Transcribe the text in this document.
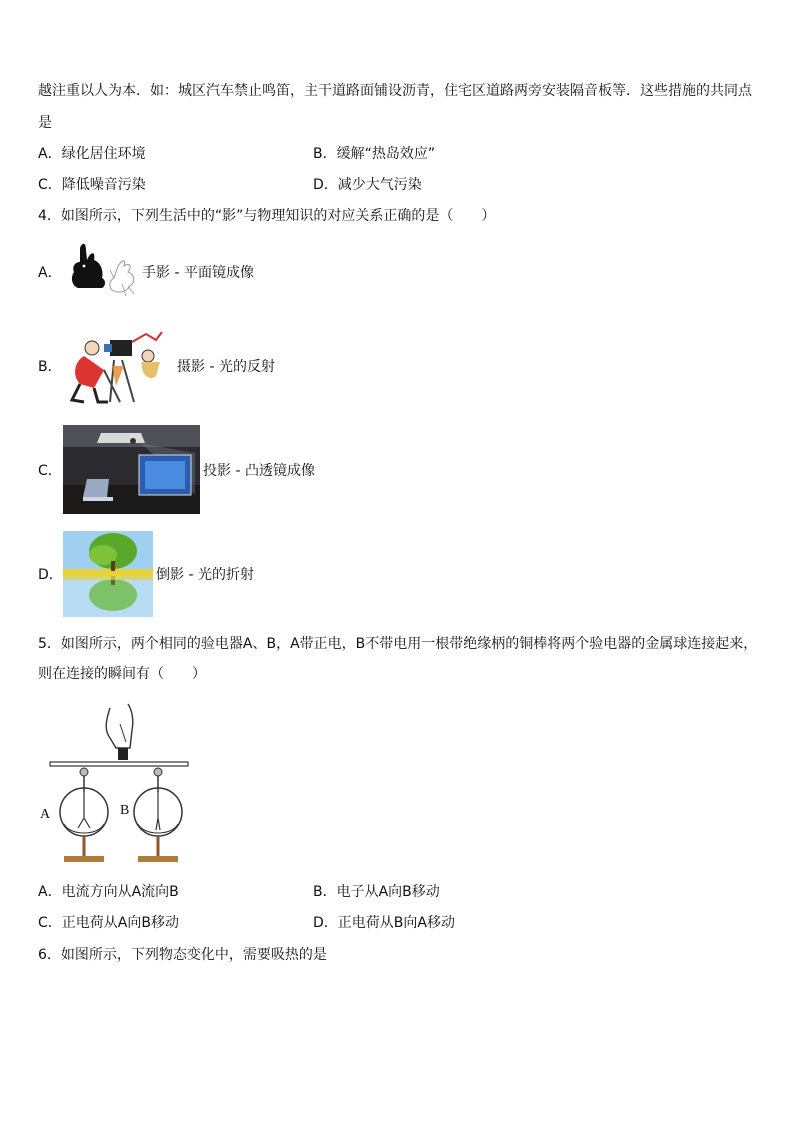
越注重以人为本．如：城区汽车禁止鸣笛，主干道路面铺设沥青，住宅区道路两旁安装隔音板等．这些措施的共同点
是
A．绿化居住环境	B．缓解“热岛效应”
C．降低噪音污染	D．减少大气污染
4．如图所示，下列生活中的“影”与物理知识的对应关系正确的是（　　）
A．	手影 - 平面镜成像
B．	摄影 - 光的反射
C．	投影 - 凸透镜成像
D．	倒影 - 光的折射
5．如图所示，两个相同的验电器A、B，A带正电，B不带电用一根带绝缘柄的铜棒将两个验电器的金属球连接起来，
则在连接的瞬间有（　　）
A	B
A．电流方向从A流向B	B．电子从A向B移动
C．正电荷从A向B移动	D．正电荷从B向A移动
6．如图所示，下列物态变化中，需要吸热的是
